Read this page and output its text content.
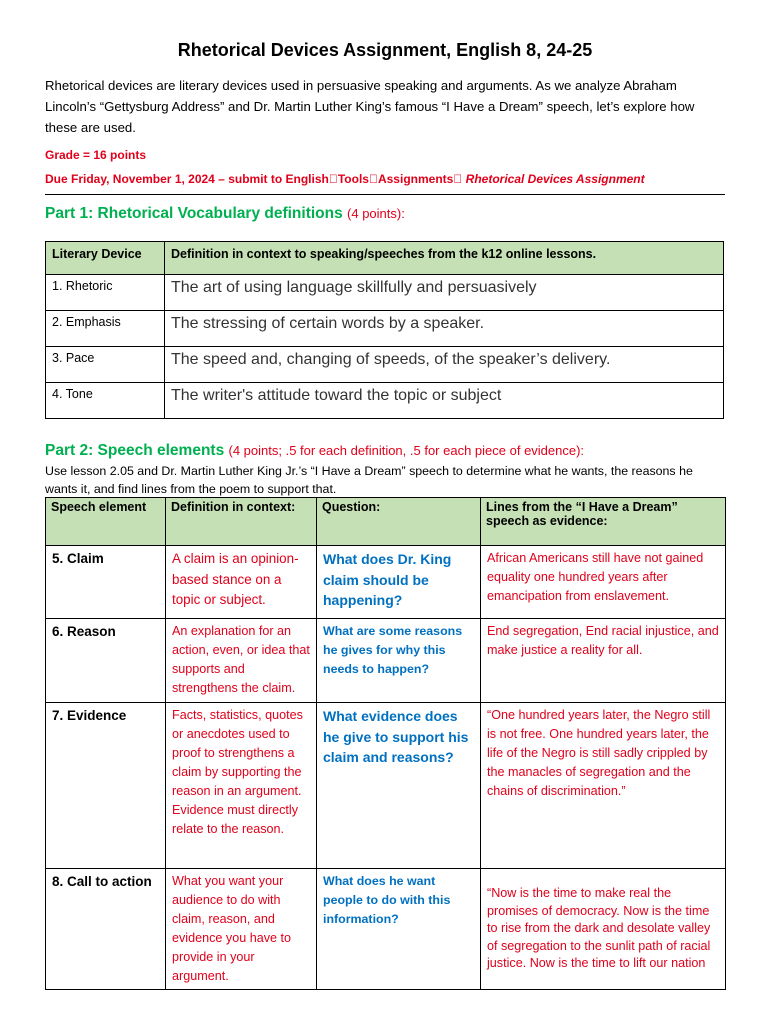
Rhetorical Devices Assignment, English 8, 24-25
Rhetorical devices are literary devices used in persuasive speaking and arguments. As we analyze Abraham Lincoln’s “Gettysburg Address” and Dr. Martin Luther King’s famous “I Have a Dream” speech, let’s explore how these are used.
Grade = 16 points
Due Friday, November 1, 2024 – submit to English Tools Assignments Rhetorical Devices Assignment
Part 1: Rhetorical Vocabulary definitions (4 points):
Literary Device	Definition in context to speaking/speeches from the k12 online lessons.
1. Rhetoric	The art of using language skillfully and persuasively
2. Emphasis	The stressing of certain words by a speaker.
3. Pace	The speed and, changing of speeds, of the speaker’s delivery.
4. Tone	The writer's attitude toward the topic or subject
Part 2: Speech elements (4 points; .5 for each definition, .5 for each piece of evidence):
Use lesson 2.05 and Dr. Martin Luther King Jr.’s “I Have a Dream” speech to determine what he wants, the reasons he wants it, and find lines from the poem to support that.
Speech element	Definition in context:	Question:	Lines from the “I Have a Dream” speech as evidence:
5. Claim	A claim is an opinion-based stance on a topic or subject.	What does Dr. King claim should be happening?	African Americans still have not gained equality one hundred years after emancipation from enslavement.
6. Reason	An explanation for an action, even, or idea that supports and strengthens the claim.	What are some reasons he gives for why this needs to happen?	End segregation, End racial injustice, and make justice a reality for all.
7. Evidence	Facts, statistics, quotes or anecdotes used to proof to strengthens a claim by supporting the reason in an argument. Evidence must directly relate to the reason.	What evidence does he give to support his claim and reasons?	“One hundred years later, the Negro still is not free. One hundred years later, the life of the Negro is still sadly crippled by the manacles of segregation and the chains of discrimination.”
8. Call to action	What you want your audience to do with claim, reason, and evidence you have to provide in your argument.	What does he want people to do with this information?	“Now is the time to make real the promises of democracy. Now is the time to rise from the dark and desolate valley of segregation to the sunlit path of racial justice. Now is the time to lift our nation
